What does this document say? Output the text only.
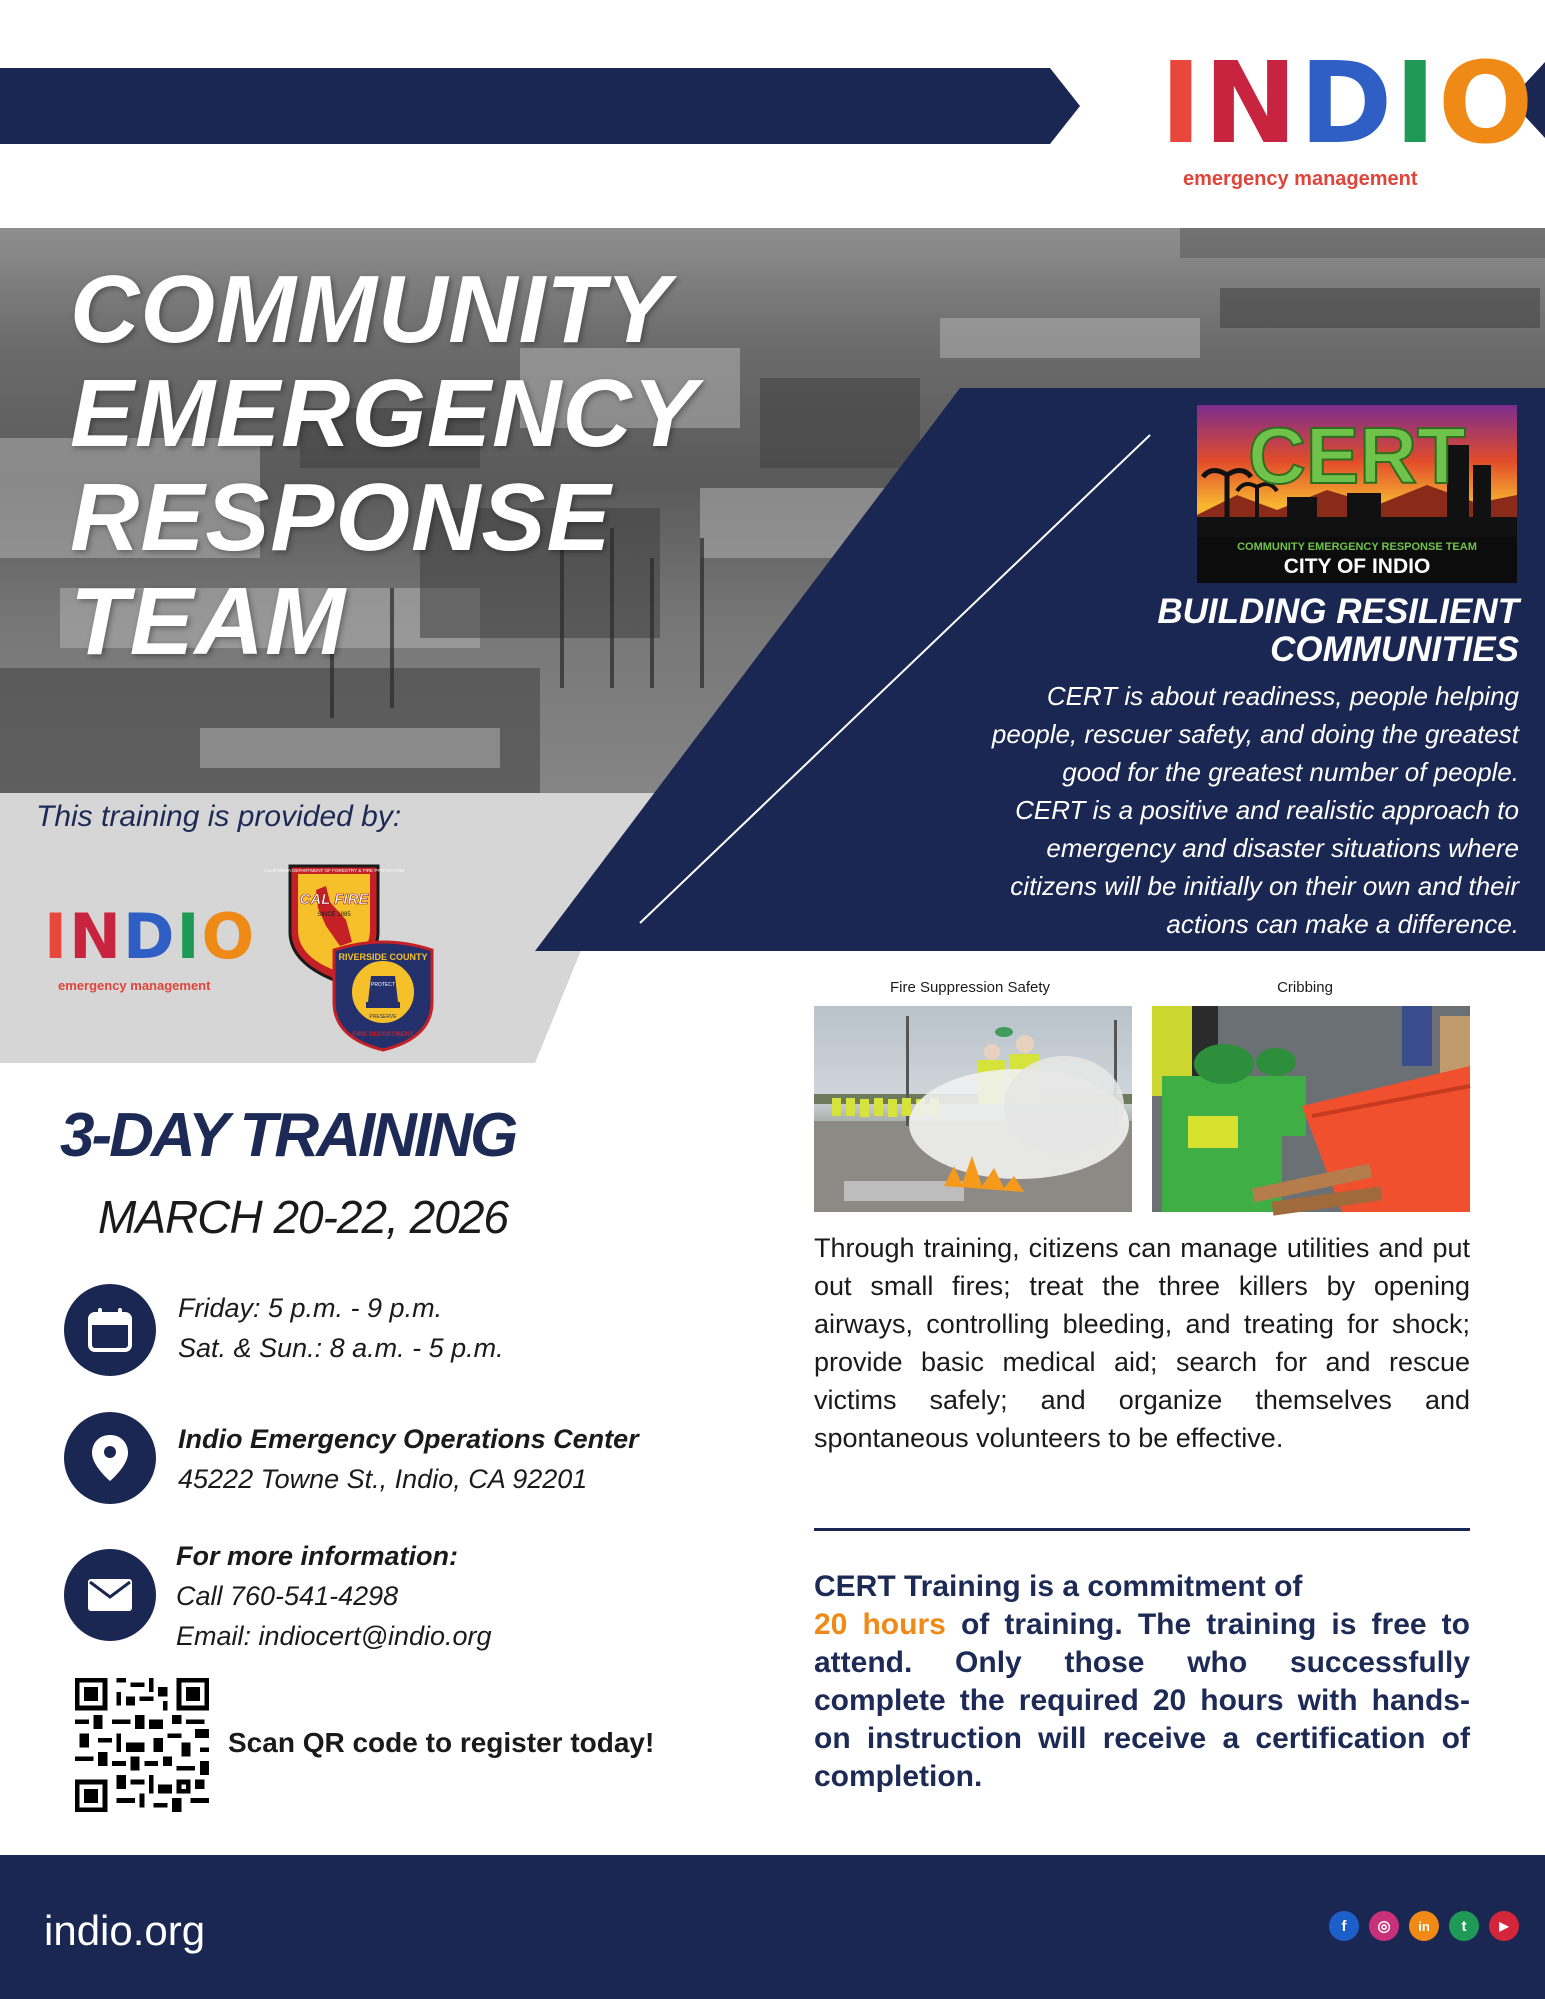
I N D I O
emergency management
COMMUNITY
EMERGENCY
RESPONSE
TEAM
CERT
COMMUNITY EMERGENCY RESPONSE TEAM
CITY OF INDIO
BUILDING RESILIENT
COMMUNITIES
CERT is about readiness, people helping
people, rescuer safety, and doing the greatest
good for the greatest number of people.
CERT is a positive and realistic approach to
emergency and disaster situations where
citizens will be initially on their own and their
actions can make a difference.
This training is provided by:
I N D I O
emergency management
CALIFORNIA DEPARTMENT OF FORESTRY & FIRE PROTECTION
CAL FIRE
SINCE 1885
RIVERSIDE COUNTY
PROTECT
PRESERVE
FIRE DEPARTMENT
3-DAY TRAINING
MARCH 20-22, 2026
Friday: 5 p.m. - 9 p.m.
Sat. & Sun.: 8 a.m. - 5 p.m.
Indio Emergency Operations Center
45222 Towne St., Indio, CA 92201
For more information:
Call 760-541-4298
Email: indiocert@indio.org
Scan QR code to register today!
Fire Suppression Safety	Cribbing
Through training, citizens can manage utilities and put out small fires; treat the three killers by opening airways, controlling bleeding, and treating for shock; provide basic medical aid; search for and rescue victims safely; and organize themselves and spontaneous volunteers to be effective.
CERT Training is a commitment of
20 hours of training. The training is free to attend. Only those who successfully complete the required 20 hours with hands-on instruction will receive a certification of completion.
indio.org	f ◎ in t	▶
